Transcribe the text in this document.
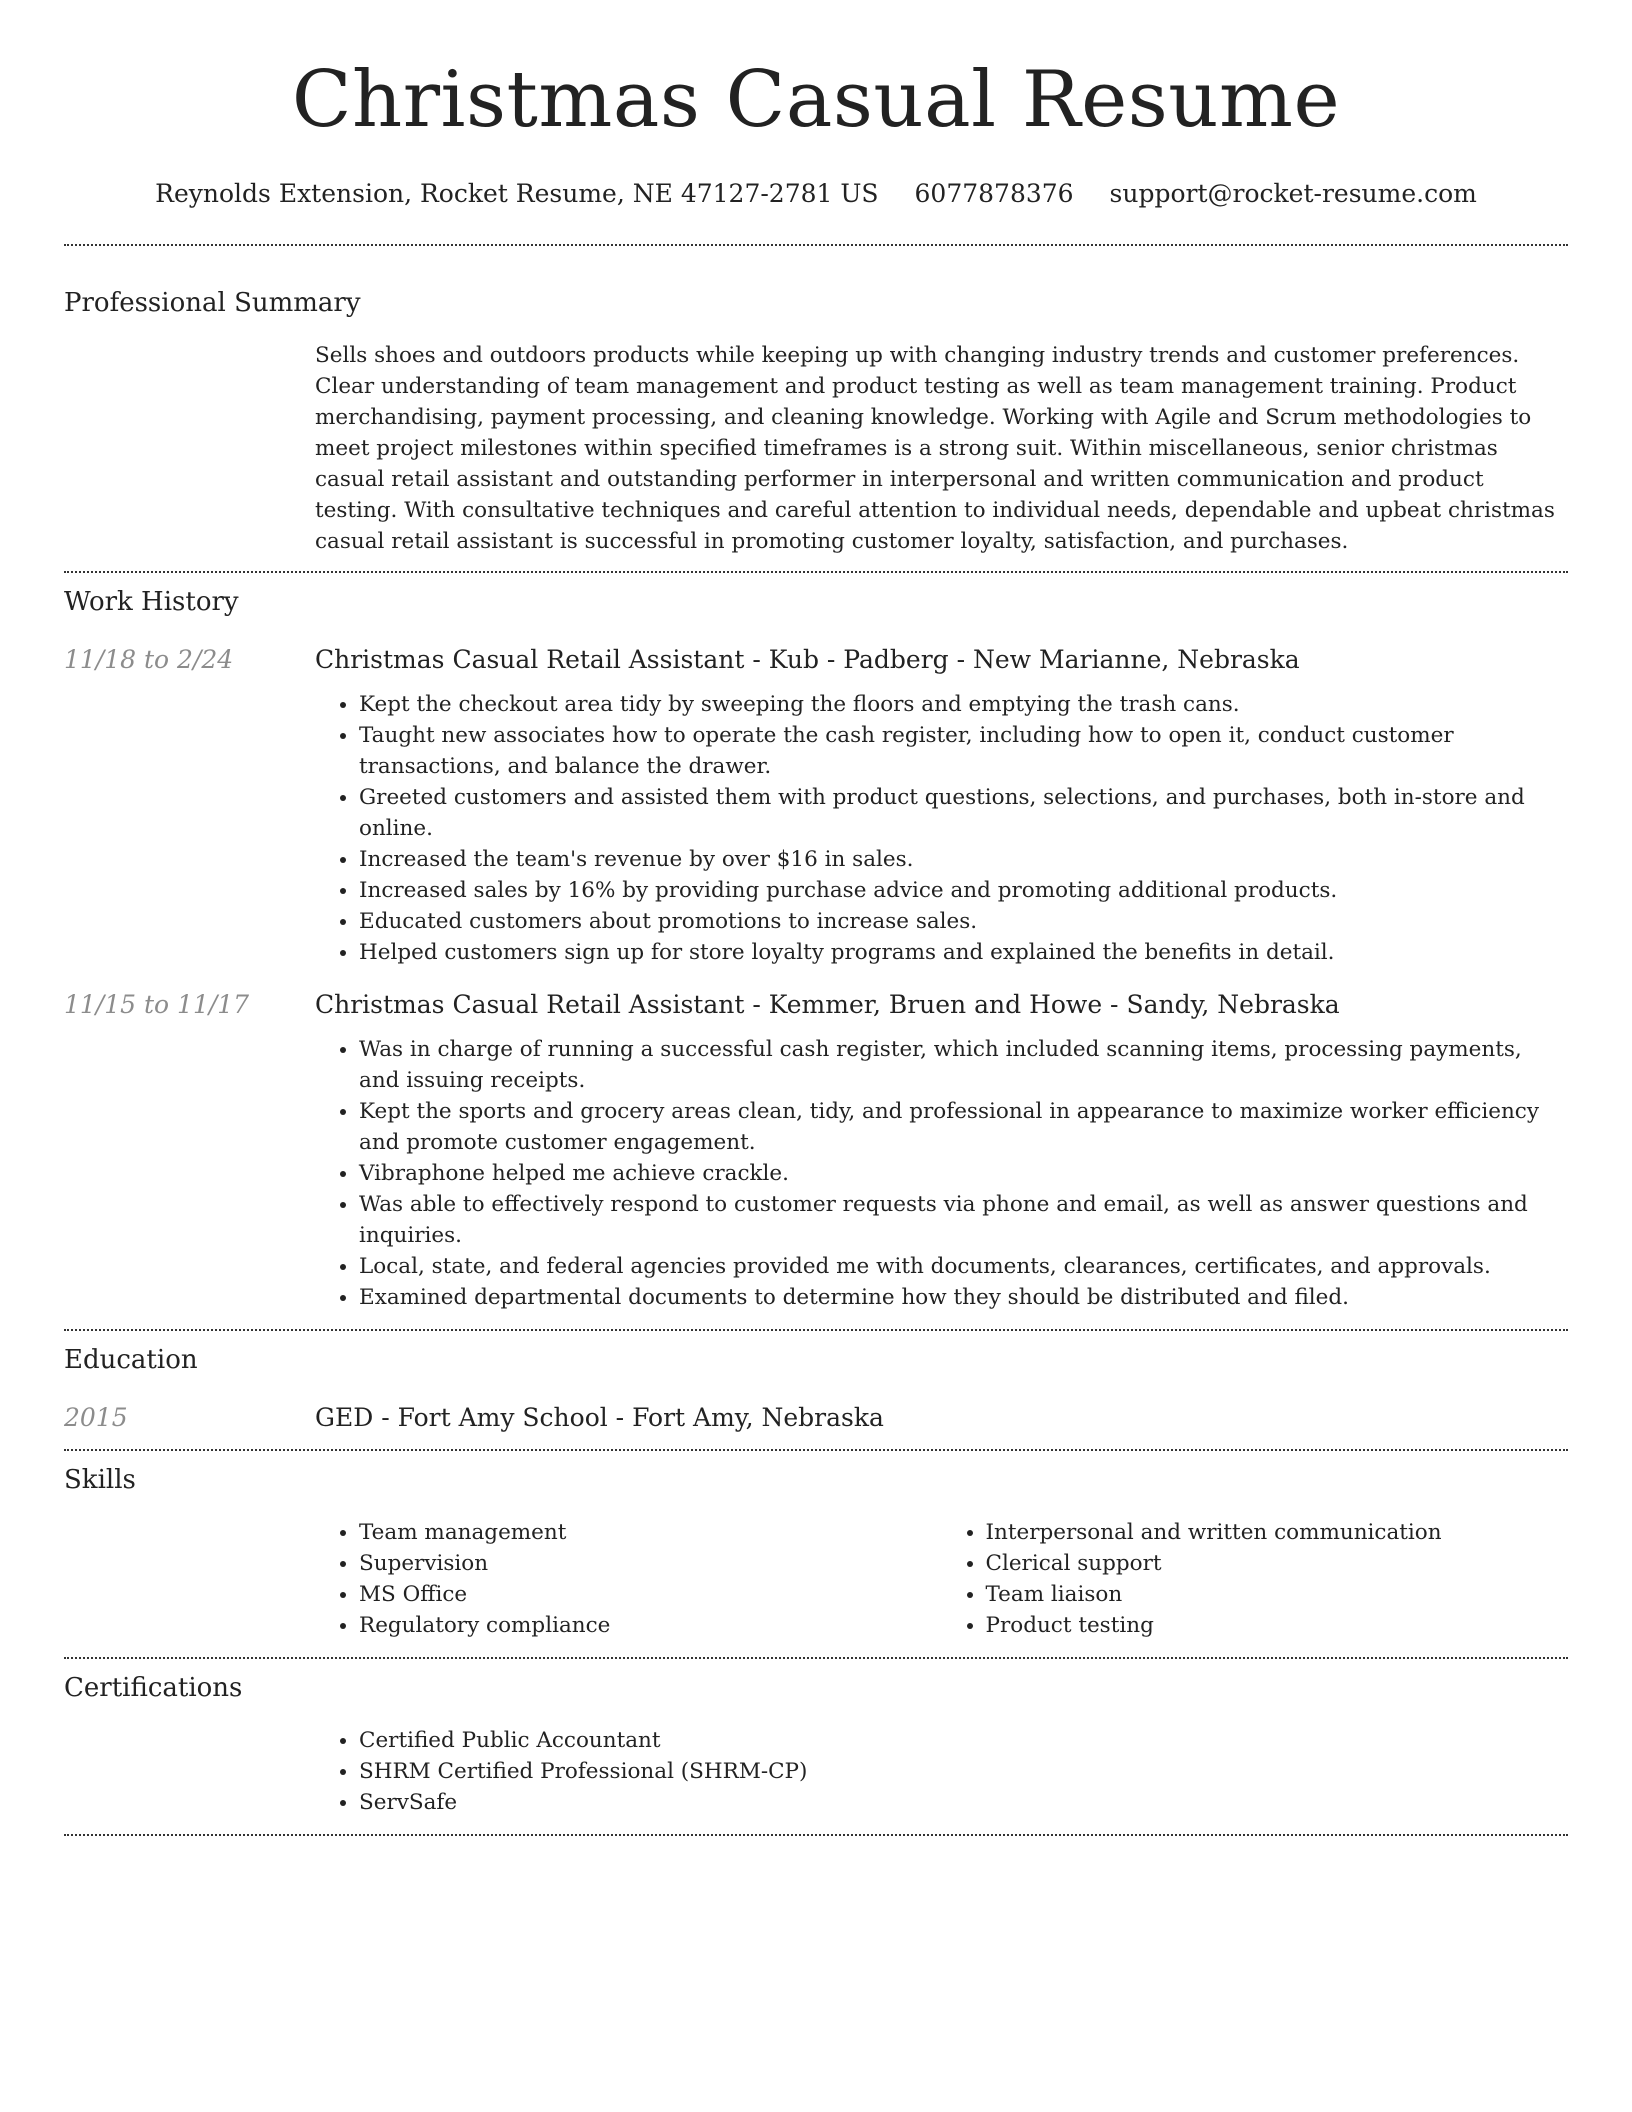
Christmas Casual Resume
Reynolds Extension, Rocket Resume, NE 47127-2781 US 6077878376 support@rocket-resume.com
Professional Summary
Sells shoes and outdoors products while keeping up with changing industry trends and customer preferences. Clear understanding of team management and product testing as well as team management training. Product merchandising, payment processing, and cleaning knowledge. Working with Agile and Scrum methodologies to meet project milestones within specified timeframes is a strong suit. Within miscellaneous, senior christmas casual retail assistant and outstanding performer in interpersonal and written communication and product testing. With consultative techniques and careful attention to individual needs, dependable and upbeat christmas casual retail assistant is successful in promoting customer loyalty, satisfaction, and purchases.
Work History
11/18 to 2/24	Christmas Casual Retail Assistant - Kub - Padberg - New Marianne, Nebraska
• Kept the checkout area tidy by sweeping the floors and emptying the trash cans.
• Taught new associates how to operate the cash register, including how to open it, conduct customer transactions, and balance the drawer.
• Greeted customers and assisted them with product questions, selections, and purchases, both in-store and online.
• Increased the team's revenue by over $16 in sales.
• Increased sales by 16% by providing purchase advice and promoting additional products.
• Educated customers about promotions to increase sales.
• Helped customers sign up for store loyalty programs and explained the benefits in detail.
11/15 to 11/17	Christmas Casual Retail Assistant - Kemmer, Bruen and Howe - Sandy, Nebraska
• Was in charge of running a successful cash register, which included scanning items, processing payments, and issuing receipts.
• Kept the sports and grocery areas clean, tidy, and professional in appearance to maximize worker efficiency and promote customer engagement.
• Vibraphone helped me achieve crackle.
• Was able to effectively respond to customer requests via phone and email, as well as answer questions and inquiries.
• Local, state, and federal agencies provided me with documents, clearances, certificates, and approvals.
• Examined departmental documents to determine how they should be distributed and filed.
Education
2015	GED - Fort Amy School - Fort Amy, Nebraska
Skills
• Team management
• Supervision
• MS Office
• Regulatory compliance
• Interpersonal and written communication
• Clerical support
• Team liaison
• Product testing
Certifications
• Certified Public Accountant
• SHRM Certified Professional (SHRM-CP)
• ServSafe
